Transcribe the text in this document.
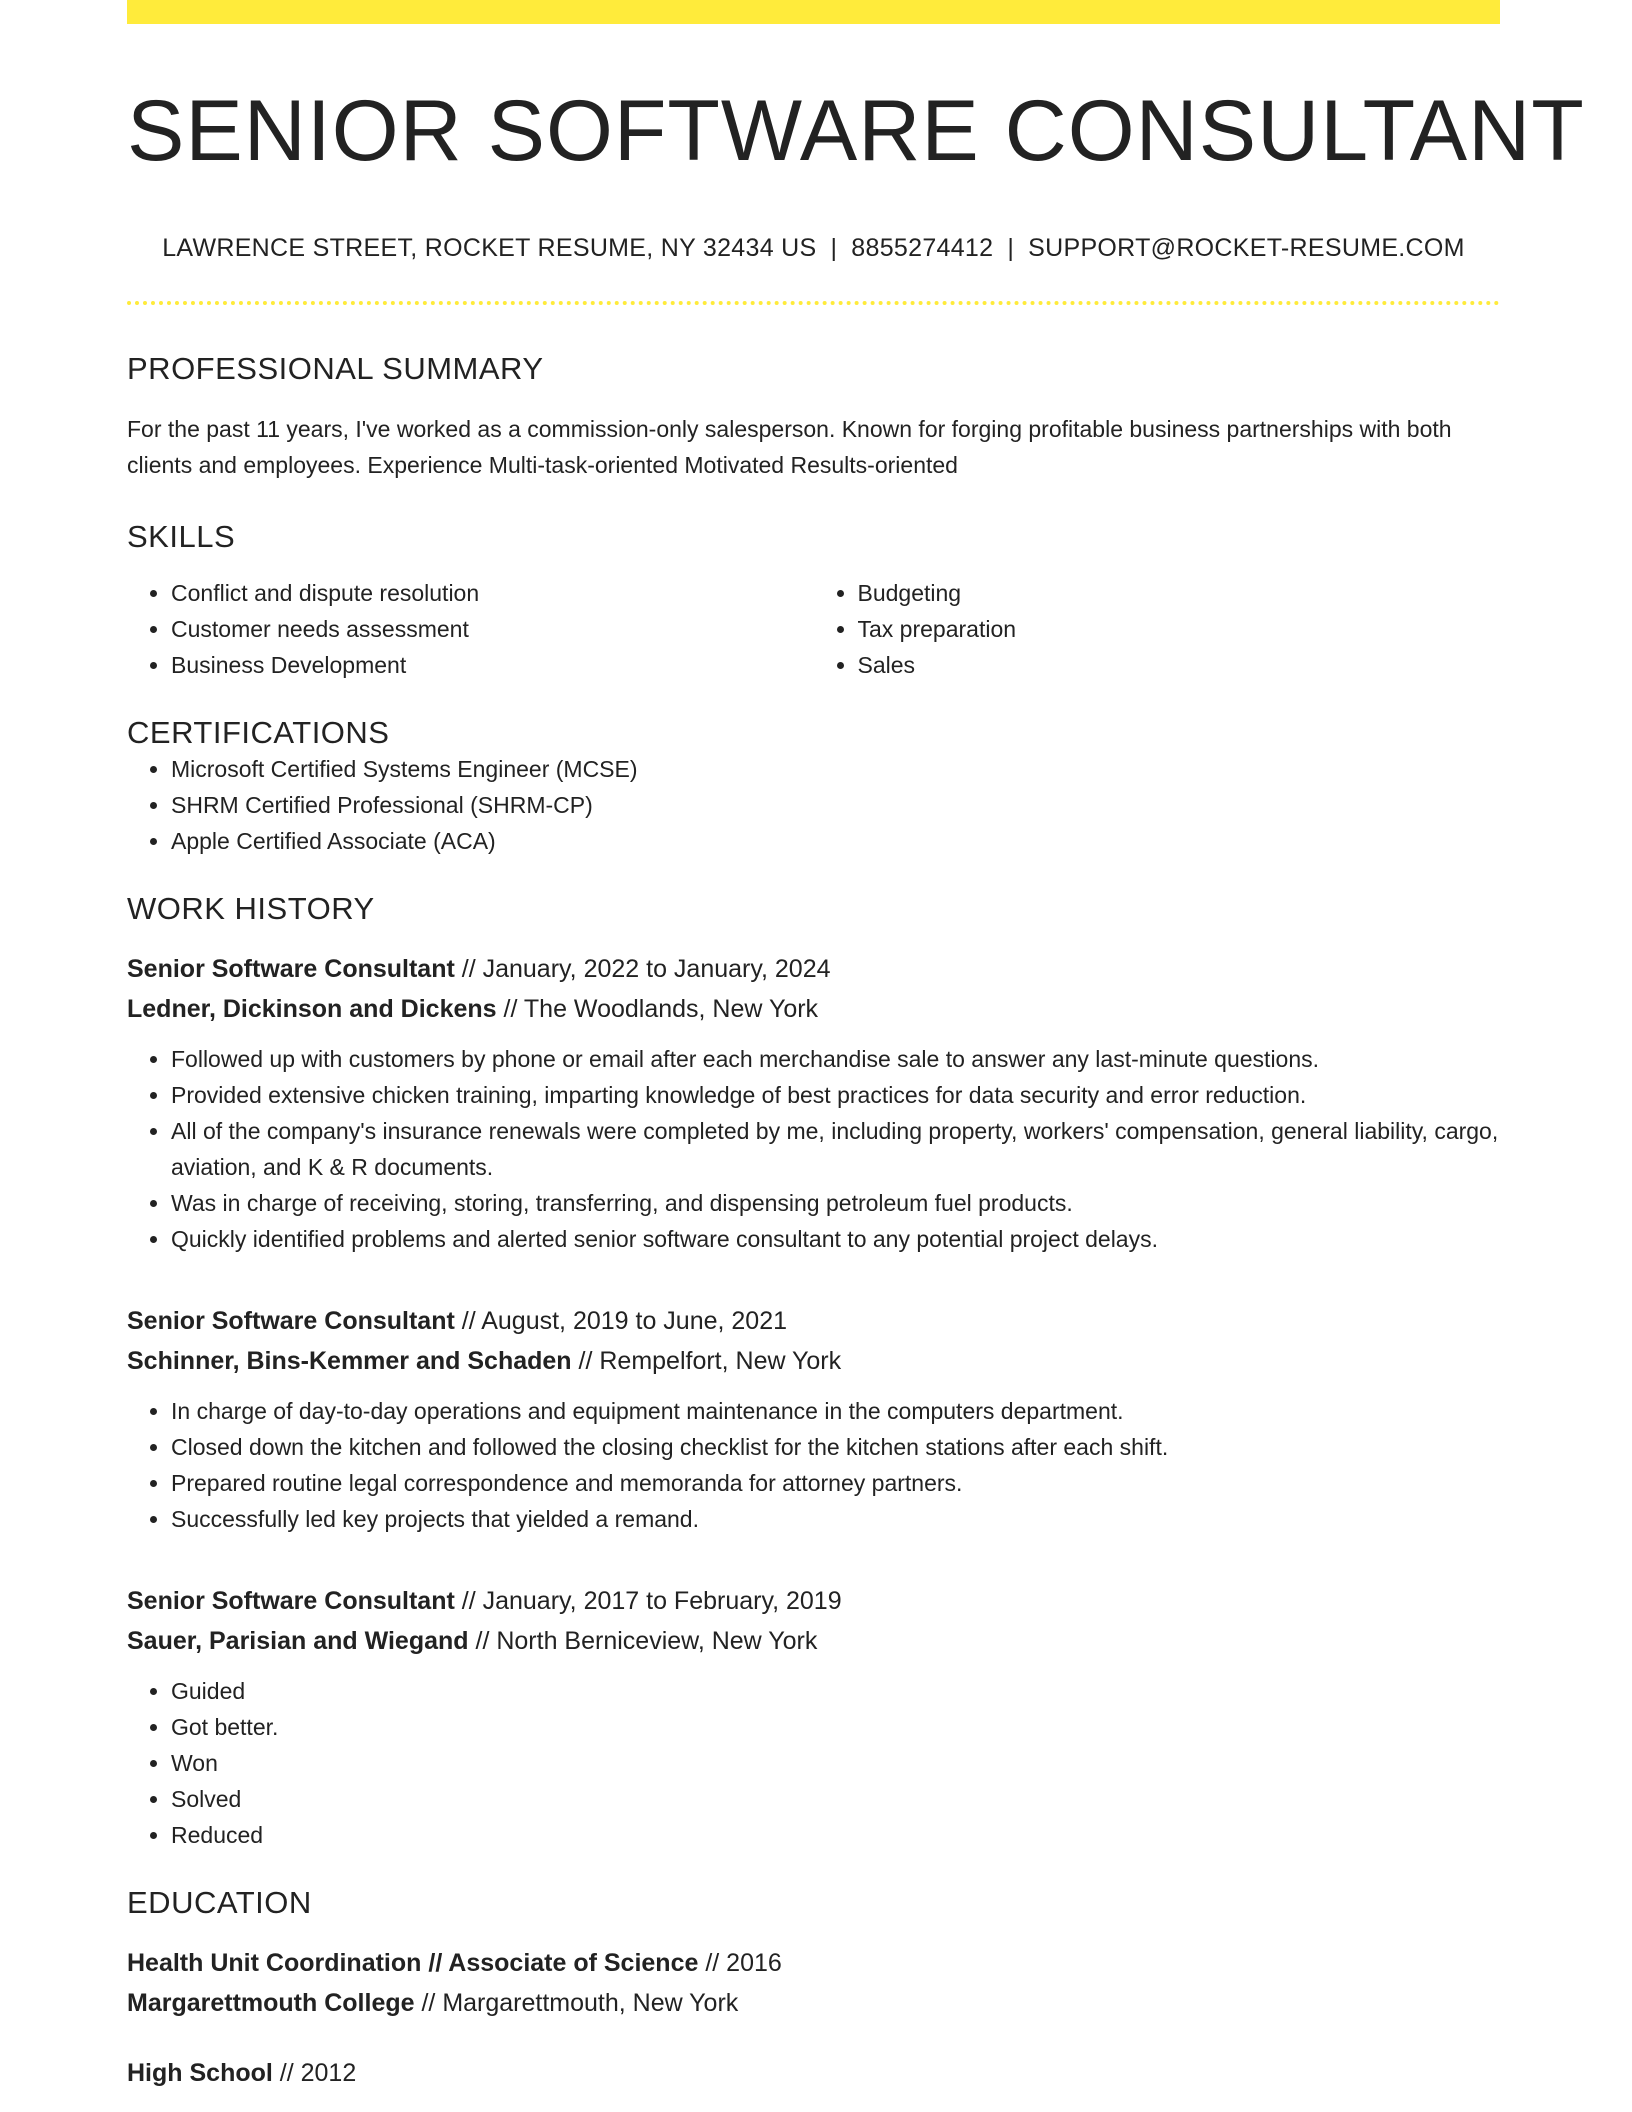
SENIOR SOFTWARE CONSULTANT
LAWRENCE STREET, ROCKET RESUME, NY 32434 US | 8855274412 | SUPPORT@ROCKET-RESUME.COM
PROFESSIONAL SUMMARY
For the past 11 years, I've worked as a commission-only salesperson. Known for forging profitable business partnerships with both clients and employees. Experience Multi-task-oriented Motivated Results-oriented
SKILLS
• Conflict and dispute resolution
• Customer needs assessment
• Business Development
• Budgeting
• Tax preparation
• Sales
CERTIFICATIONS
• Microsoft Certified Systems Engineer (MCSE)
• SHRM Certified Professional (SHRM-CP)
• Apple Certified Associate (ACA)
WORK HISTORY
Senior Software Consultant // January, 2022 to January, 2024
Ledner, Dickinson and Dickens // The Woodlands, New York
• Followed up with customers by phone or email after each merchandise sale to answer any last-minute questions.
• Provided extensive chicken training, imparting knowledge of best practices for data security and error reduction.
• All of the company's insurance renewals were completed by me, including property, workers' compensation, general liability, cargo, aviation, and K & R documents.
• Was in charge of receiving, storing, transferring, and dispensing petroleum fuel products.
• Quickly identified problems and alerted senior software consultant to any potential project delays.
Senior Software Consultant // August, 2019 to June, 2021
Schinner, Bins-Kemmer and Schaden // Rempelfort, New York
• In charge of day-to-day operations and equipment maintenance in the computers department.
• Closed down the kitchen and followed the closing checklist for the kitchen stations after each shift.
• Prepared routine legal correspondence and memoranda for attorney partners.
• Successfully led key projects that yielded a remand.
Senior Software Consultant // January, 2017 to February, 2019
Sauer, Parisian and Wiegand // North Berniceview, New York
• Guided
• Got better.
• Won
• Solved
• Reduced
EDUCATION
Health Unit Coordination // Associate of Science // 2016
Margarettmouth College // Margarettmouth, New York
High School // 2012
